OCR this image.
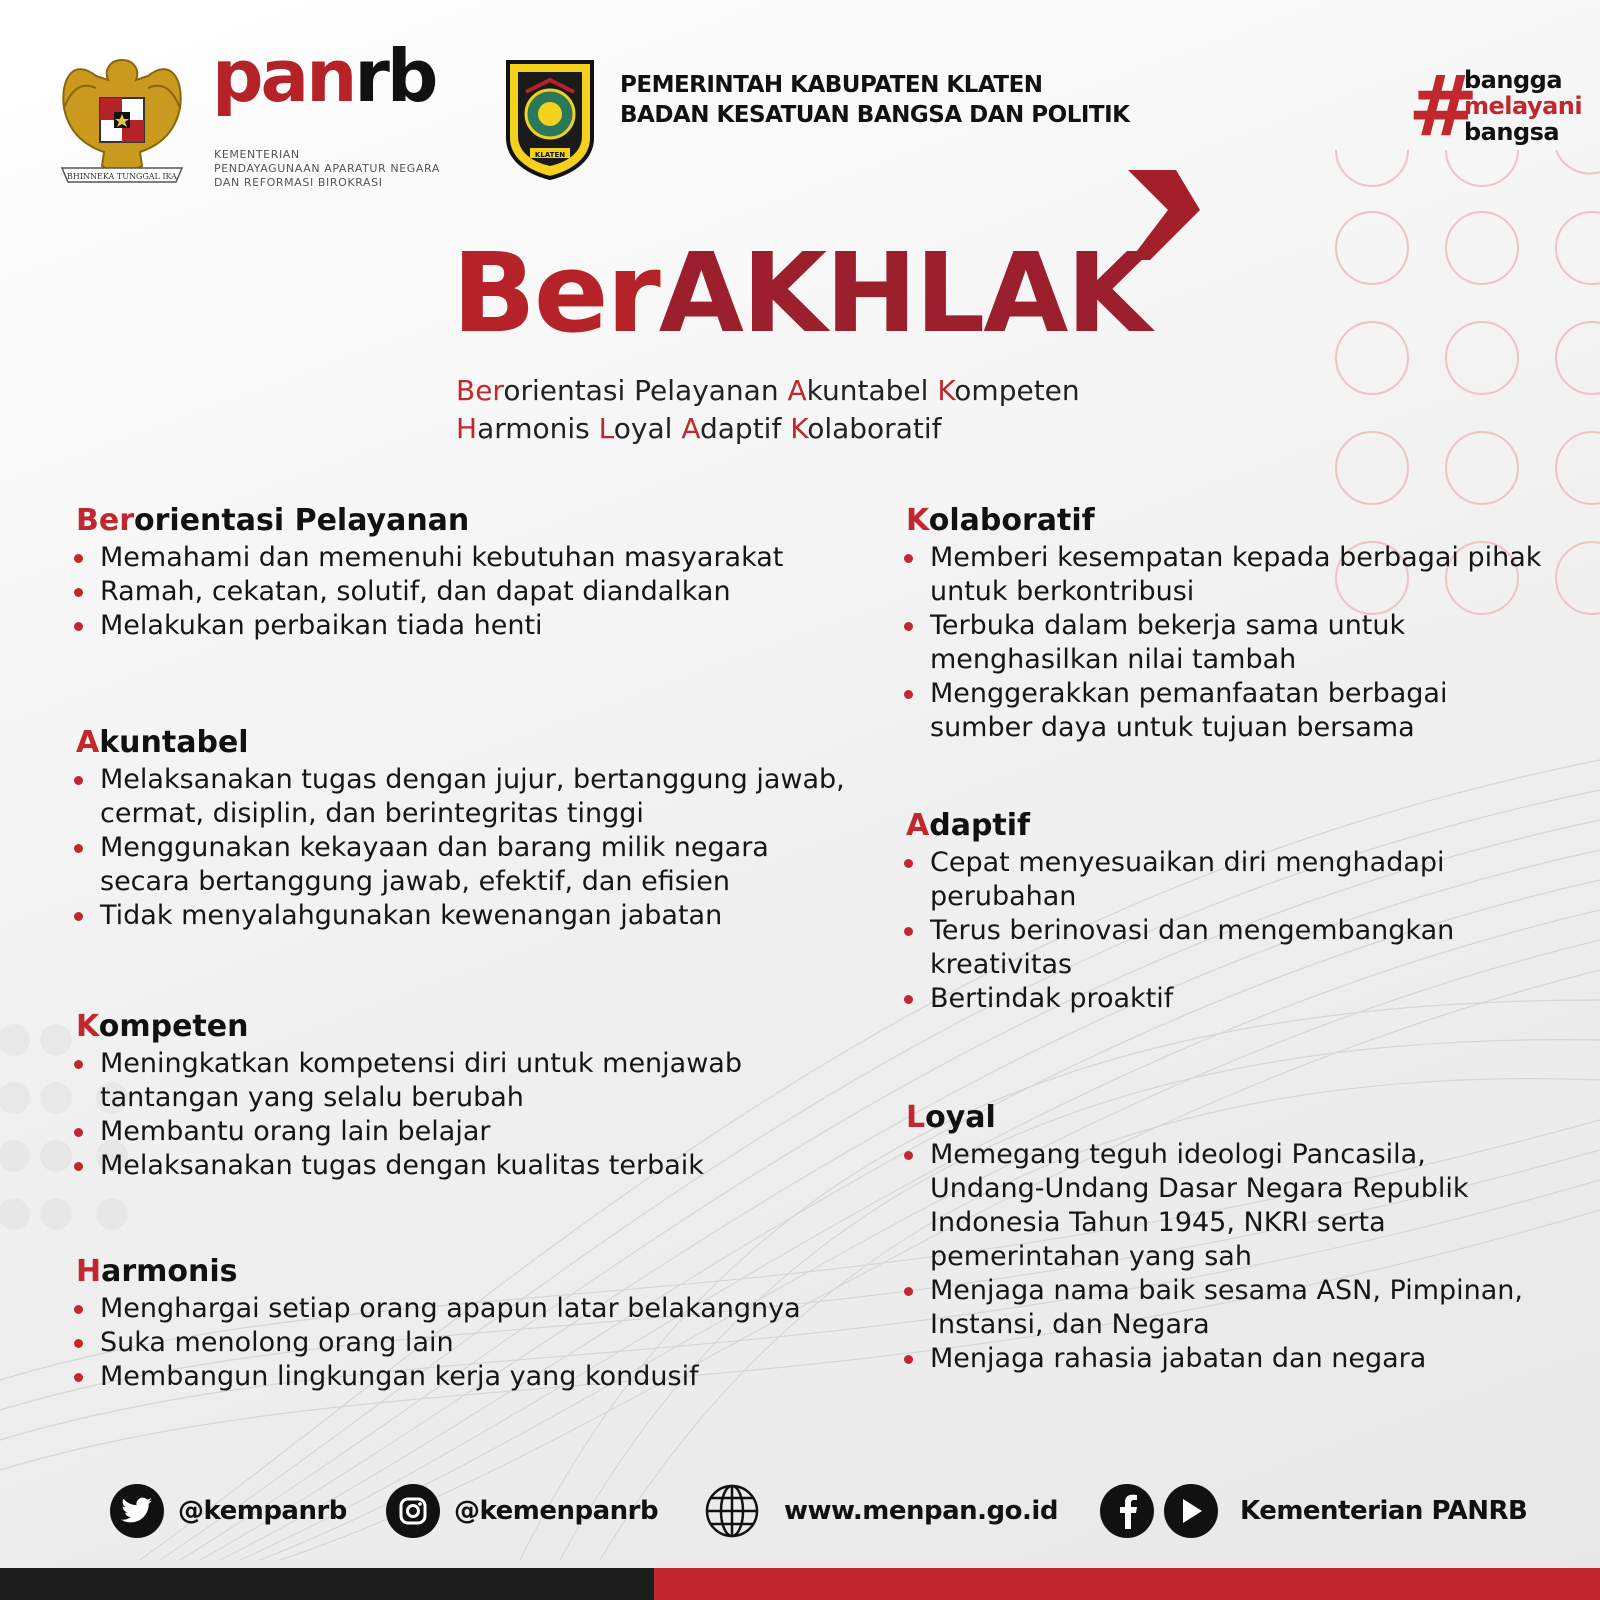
BHINNEKA TUNGGAL IKA
panrb
KEMENTERIAN
PENDAYAGUNAAN APARATUR NEGARA
DAN REFORMASI BIROKRASI
KLATEN
PEMERINTAH KABUPATEN KLATEN
BADAN KESATUAN BANGSA DAN POLITIK	#
bangga
melayani
bangsa
BerAKHLAK
Berorientasi Pelayanan Akuntabel Kompeten
Harmonis Loyal Adaptif Kolaboratif
Berorientasi Pelayanan
Memahami dan memenuhi kebutuhan masyarakat
Ramah, cekatan, solutif, dan dapat diandalkan
Melakukan perbaikan tiada henti
Akuntabel
Melaksanakan tugas dengan jujur, bertanggung jawab, cermat, disiplin, dan berintegritas tinggi
Menggunakan kekayaan dan barang milik negara secara bertanggung jawab, efektif, dan efisien
Tidak menyalahgunakan kewenangan jabatan
Kompeten
Meningkatkan kompetensi diri untuk menjawab tantangan yang selalu berubah
Membantu orang lain belajar
Melaksanakan tugas dengan kualitas terbaik
Harmonis
Menghargai setiap orang apapun latar belakangnya
Suka menolong orang lain
Membangun lingkungan kerja yang kondusif
Kolaboratif
Memberi kesempatan kepada berbagai pihak untuk berkontribusi
Terbuka dalam bekerja sama untuk menghasilkan nilai tambah
Menggerakkan pemanfaatan berbagai sumber daya untuk tujuan bersama
Adaptif
Cepat menyesuaikan diri menghadapi perubahan
Terus berinovasi dan mengembangkan kreativitas
Bertindak proaktif
Loyal
Memegang teguh ideologi Pancasila, Undang-Undang Dasar Negara Republik Indonesia Tahun 1945, NKRI serta pemerintahan yang sah
Menjaga nama baik sesama ASN, Pimpinan, Instansi, dan Negara
Menjaga rahasia jabatan dan negara
@kempanrb	@kemenpanrb	www.menpan.go.id	Kementerian PANRB
